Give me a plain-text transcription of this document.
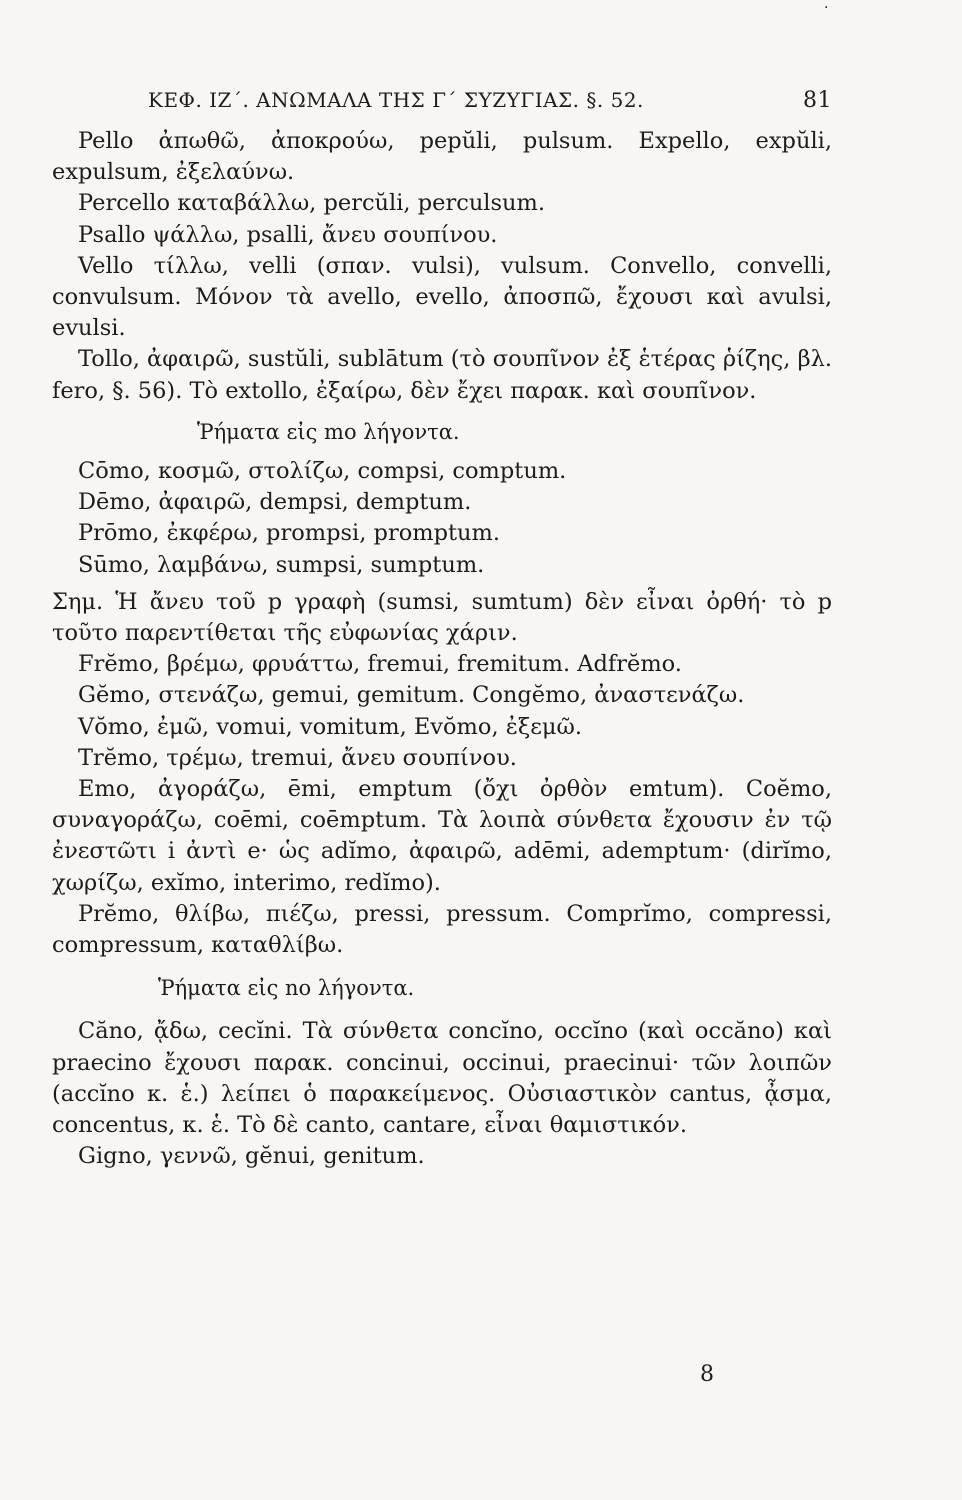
·
ΚΕΦ. ΙΖ΄. ΑΝΩΜΑΛΑ ΤΗΣ Γ΄ ΣΥΖΥΓΙΑΣ. §. 52.	81

Pello ἀπωθῶ, ἀποκρούω, pepŭli, pulsum. Expello, expŭli, expulsum, ἐξελαύνω.

Percello καταβάλλω, percŭli, perculsum.

Psallo ψάλλω, psalli, ἄνευ σουπίνου.

Vello τίλλω, velli (σπαν. vulsi), vulsum. Convello, convelli, convulsum. Μόνον τὰ avello, evello, ἀποσπῶ, ἔχουσι καὶ avulsi, evulsi.

Tollo, ἀφαιρῶ, sustŭli, sublātum (τὸ σουπῖνον ἐξ ἑτέρας ῥίζης, βλ. fero, §. 56). Τὸ extollo, ἐξαίρω, δὲν ἔχει παρακ. καὶ σουπῖνον.

Ῥήματα εἰς mo λήγοντα.

Cōmo, κοσμῶ, στολίζω, compsi, comptum.

Dēmo, ἀφαιρῶ, dempsi, demptum.

Prōmo, ἐκφέρω, prompsi, promptum.

Sūmo, λαμβάνω, sumpsi, sumptum.

Σημ. Ἡ ἄνευ τοῦ p γραφὴ (sumsi, sumtum) δὲν εἶναι ὀρθή· τὸ p τοῦτο παρεντίθεται τῆς εὐφωνίας χάριν.

Frĕmo, βρέμω, φρυάττω, fremui, fremitum. Adfrĕmo.

Gĕmo, στενάζω, gemui, gemitum. Congĕmo, ἀναστενάζω.

Vŏmo, ἐμῶ, vomui, vomitum, Evŏmo, ἐξεμῶ.

Trĕmo, τρέμω, tremui, ἄνευ σουπίνου.

Emo, ἀγοράζω, ēmi, emptum (ὄχι ὀρθὸν emtum). Coĕmo, συναγοράζω, coēmi, coēmptum. Τὰ λοιπὰ σύνθετα ἔχουσιν ἐν τῷ ἐνεστῶτι i ἀντὶ e· ὡς adĭmo, ἀφαιρῶ, adēmi, ademptum· (dirĭmo, χωρίζω, exĭmo, interimo, redĭmo).

Prĕmo, θλίβω, πιέζω, pressi, pressum. Comprĭmo, compressi, compressum, καταθλίβω.

Ῥήματα εἰς no λήγοντα.

Căno, ᾄδω, cecĭni. Τὰ σύνθετα concĭno, occĭno (καὶ occăno) καὶ praecino ἔχουσι παρακ. concinui, occinui, praecinui· τῶν λοιπῶν (accĭno κ. ἑ.) λείπει ὁ παρακείμενος. Οὐσιαστικὸν cantus, ᾆσμα, concentus, κ. ἑ. Τὸ δὲ canto, cantare, εἶναι θαμιστικόν.

Gigno, γεννῶ, gĕnui, genitum.

8
